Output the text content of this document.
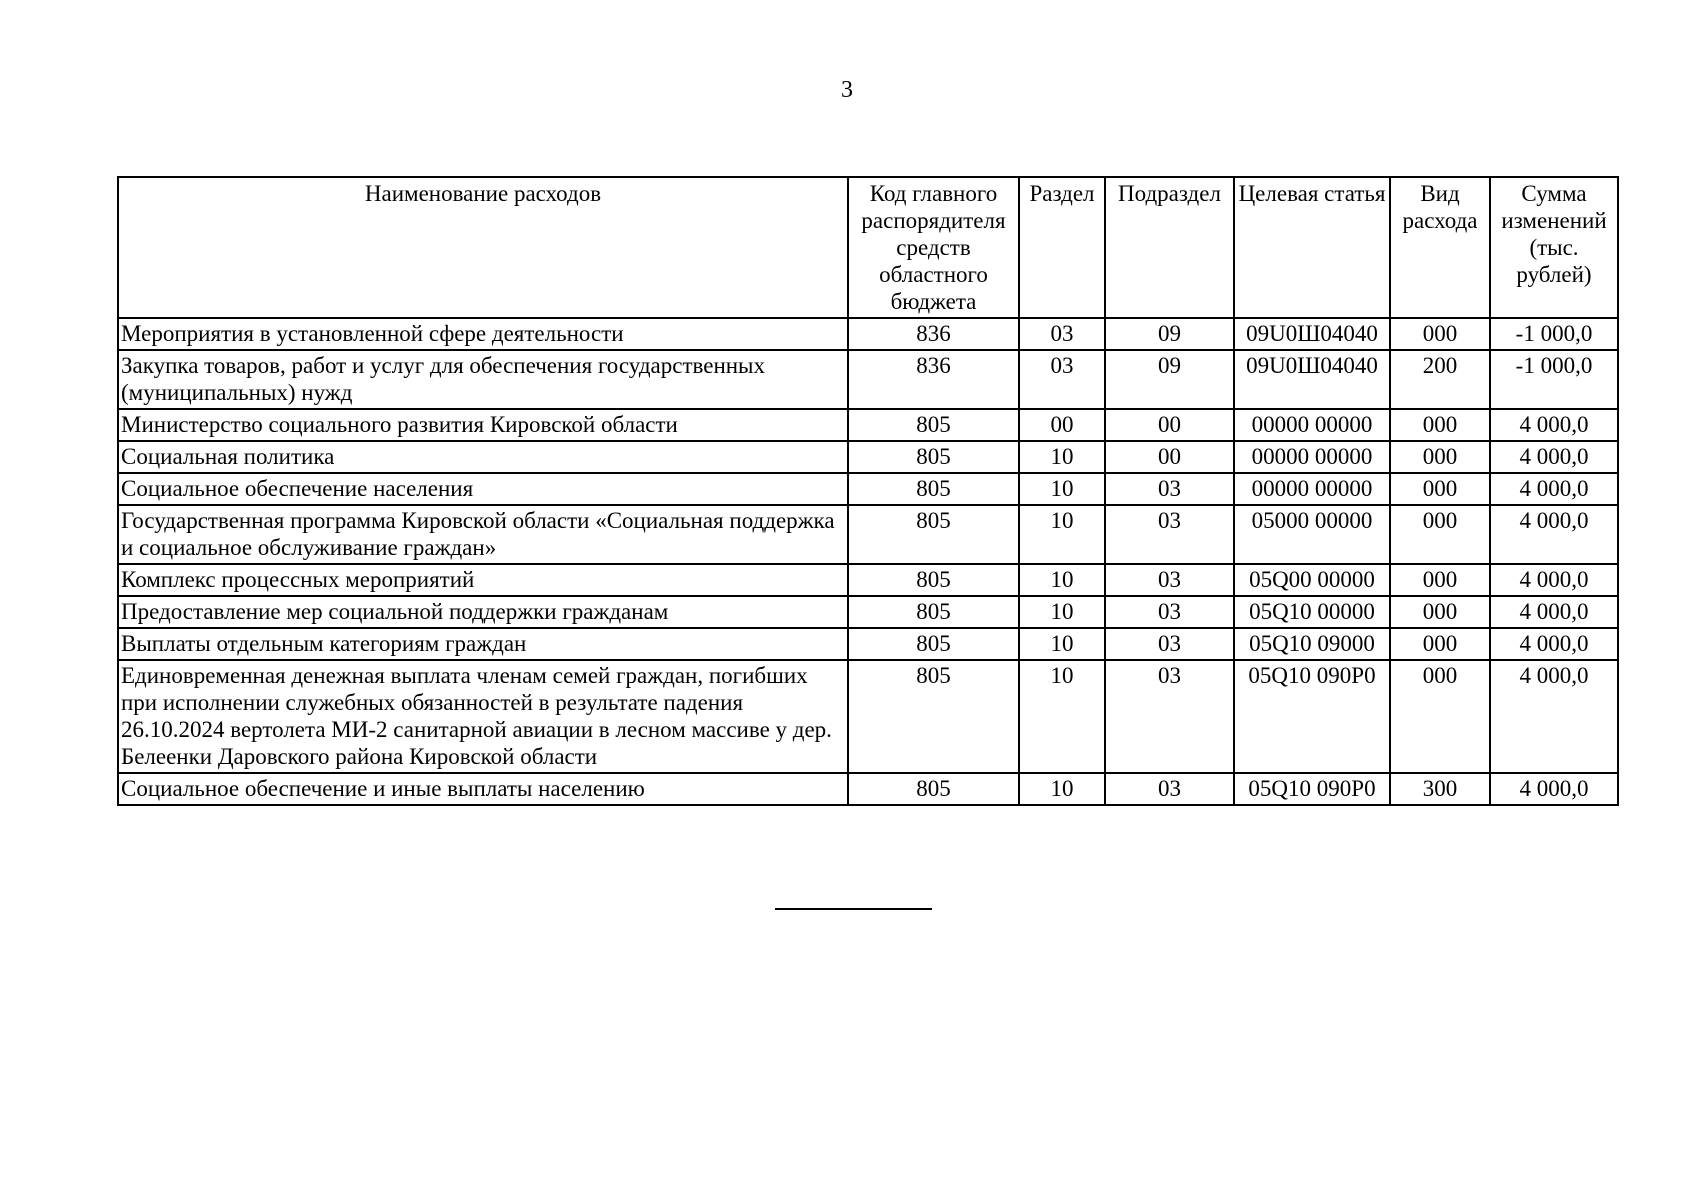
3
Наименование расходов	Код главного распорядителя средств областного бюджета	Раздел	Подраздел	Целевая статья	Вид расхода	Сумма изменений (тыс. рублей)
Мероприятия в установленной сфере деятельности	836	03	09	09U0Ш04040	000	-1 000,0
Закупка товаров, работ и услуг для обеспечения государственных (муниципальных) нужд	836	03	09	09U0Ш04040	200	-1 000,0
Министерство социального развития Кировской области	805	00	00	00000 00000	000	4 000,0
Социальная политика	805	10	00	00000 00000	000	4 000,0
Социальное обеспечение населения	805	10	03	00000 00000	000	4 000,0
Государственная программа Кировской области «Социальная поддержка и социальное обслуживание граждан»	805	10	03	05000 00000	000	4 000,0
Комплекс процессных мероприятий	805	10	03	05Q00 00000	000	4 000,0
Предоставление мер социальной поддержки гражданам	805	10	03	05Q10 00000	000	4 000,0
Выплаты отдельным категориям граждан	805	10	03	05Q10 09000	000	4 000,0
Единовременная денежная выплата членам семей граждан, погибших при исполнении служебных обязанностей в результате падения 26.10.2024 вертолета МИ-2 санитарной авиации в лесном массиве у дер. Белеенки Даровского района Кировской области	805	10	03	05Q10 090P0	000	4 000,0
Социальное обеспечение и иные выплаты населению	805	10	03	05Q10 090P0	300	4 000,0
